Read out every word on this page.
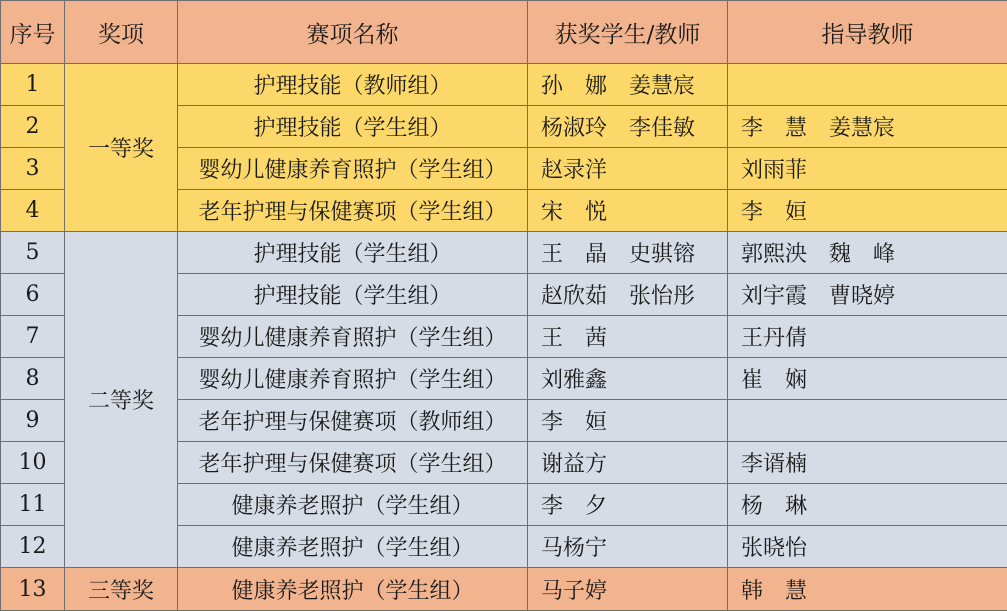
序号	奖项	赛项名称	获奖学生/教师	指导教师
1	一等奖	护理技能（教师组）	孙　娜　姜慧宸	
2		护理技能（学生组）	杨淑玲　李佳敏	李　慧　姜慧宸
3		婴幼儿健康养育照护（学生组）	赵录洋	刘雨菲
4		老年护理与保健赛项（学生组）	宋　悦	李　姮
5	二等奖	护理技能（学生组）	王　晶　史骐镕	郭熙泱　魏　峰
6		护理技能（学生组）	赵欣茹　张怡彤	刘宇霞　曹晓婷
7		婴幼儿健康养育照护（学生组）	王　茜	王丹倩
8		婴幼儿健康养育照护（学生组）	刘雅鑫	崔　娴
9		老年护理与保健赛项（教师组）	李　姮	
10		老年护理与保健赛项（学生组）	谢益方	李谞楠
11		健康养老照护（学生组）	李　夕	杨　琳
12		健康养老照护（学生组）	马杨宁	张晓怡
13	三等奖	健康养老照护（学生组）	马子婷	韩　慧
